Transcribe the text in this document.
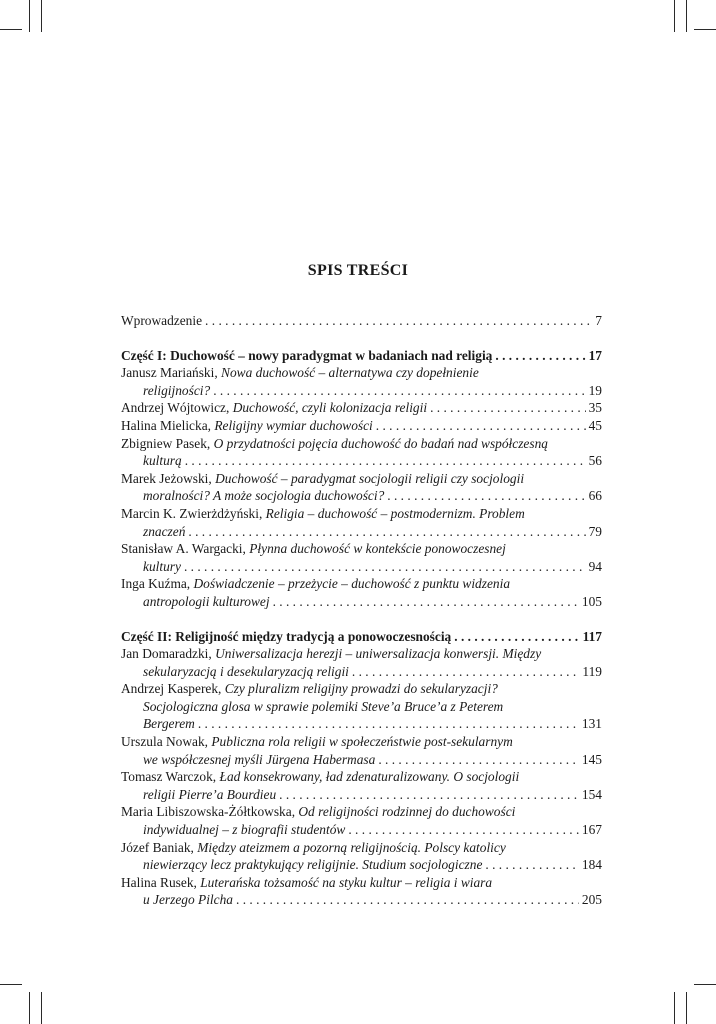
SPIS TREŚCI
Wprowadzenie . . .	7
Część I: Duchowość – nowy paradygmat w badaniach nad religią . . .	17
Janusz Mariański, Nowa duchowość – alternatywa czy dopełnienie
religijności? . . .	19
Andrzej Wójtowicz, Duchowość, czyli kolonizacja religii . . .	35
Halina Mielicka, Religijny wymiar duchowości . . .	45
Zbigniew Pasek, O przydatności pojęcia duchowość do badań nad współczesną
kulturą . . .	56
Marek Jeżowski, Duchowość – paradygmat socjologii religii czy socjologii
moralności? A może socjologia duchowości? . . .	66
Marcin K. Zwierżdżyński, Religia – duchowość – postmodernizm. Problem
znaczeń . . .	79
Stanisław A. Wargacki, Płynna duchowość w kontekście ponowoczesnej
kultury . . .	94
Inga Kuźma, Doświadczenie – przeżycie – duchowość z punktu widzenia
antropologii kulturowej . . .	105
Część II: Religijność między tradycją a ponowoczesnością . . .	117
Jan Domaradzki, Uniwersalizacja herezji – uniwersalizacja konwersji. Między
sekularyzacją i desekularyzacją religii . . .	119
Andrzej Kasperek, Czy pluralizm religijny prowadzi do sekularyzacji?
Socjologiczna glosa w sprawie polemiki Steve’a Bruce’a z Peterem
Bergerem . . .	131
Urszula Nowak, Publiczna rola religii w społeczeństwie post-sekularnym
we współczesnej myśli Jürgena Habermasa . . .	145
Tomasz Warczok, Ład konsekrowany, ład zdenaturalizowany. O socjologii
religii Pierre’a Bourdieu . . .	154
Maria Libiszowska-Żółtkowska, Od religijności rodzinnej do duchowości
indywidualnej – z biografii studentów . . .	167
Józef Baniak, Między ateizmem a pozorną religijnością. Polscy katolicy
niewierzący lecz praktykujący religijnie. Studium socjologiczne . . .	184
Halina Rusek, Luterańska tożsamość na styku kultur – religia i wiara
u Jerzego Pilcha . . .	205
